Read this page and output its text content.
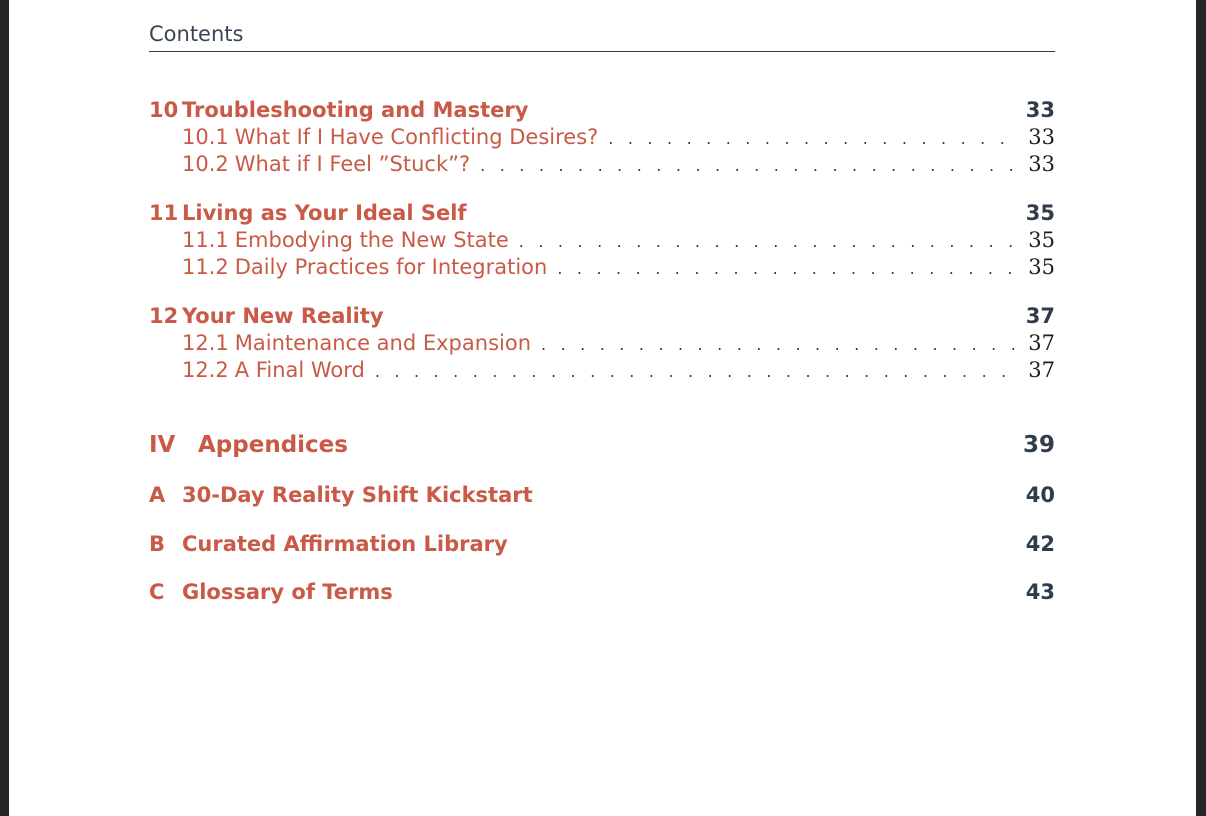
Contents
10 Troubleshooting and Mastery	33
10.1 What If I Have Conflicting Desires? . . .	33
10.2 What if I Feel ”Stuck”? . . .	33
11 Living as Your Ideal Self	35
11.1 Embodying the New State . . .	35
11.2 Daily Practices for Integration . . .	35
12 Your New Reality	37
12.1 Maintenance and Expansion . . .	37
12.2 A Final Word . . .	37
IV Appendices	39
A 30-Day Reality Shift Kickstart	40
B Curated Affirmation Library	42
C Glossary of Terms	43
